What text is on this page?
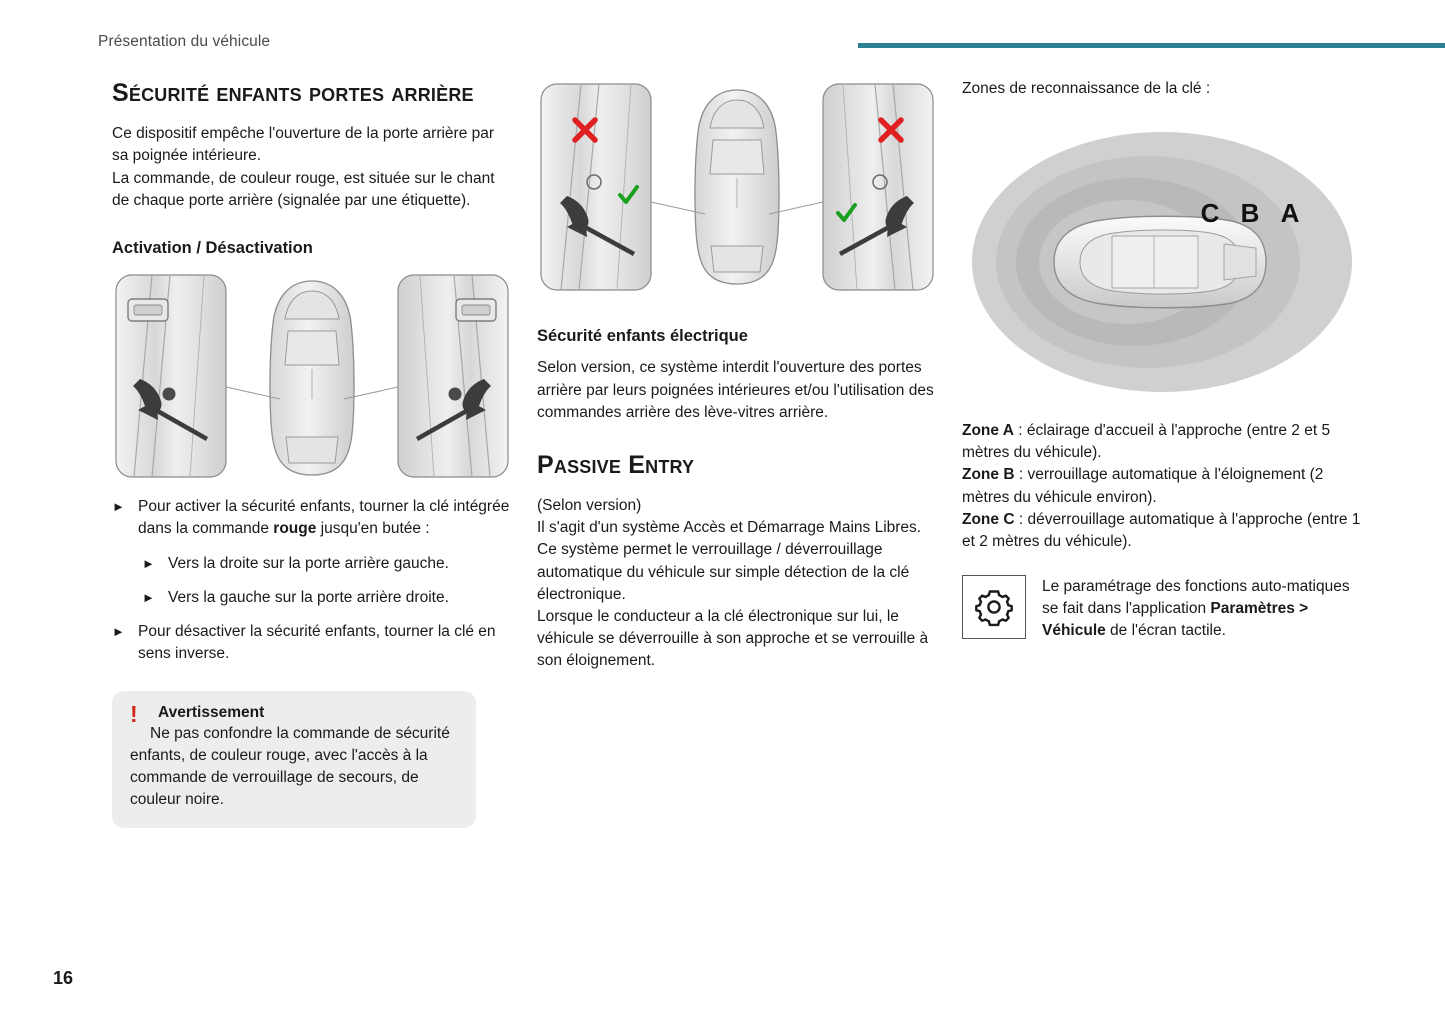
Présentation du véhicule
Sécurité enfants portes arrière

Ce dispositif empêche l'ouverture de la porte arrière par sa poignée intérieure.

La commande, de couleur rouge, est située sur le chant de chaque porte arrière (signalée par une étiquette).

Activation / Désactivation
► Pour activer la sécurité enfants, tourner la clé intégrée dans la commande rouge jusqu'en butée :
► Vers la droite sur la porte arrière gauche.
► Vers la gauche sur la porte arrière droite.
► Pour désactiver la sécurité enfants, tourner la clé en sens inverse.
! Avertissement

Ne pas confondre la commande de sécurité enfants, de couleur rouge, avec l'accès à la commande de verrouillage de secours, de couleur noire.

Sécurité enfants électrique

Selon version, ce système interdit l'ouverture des portes arrière par leurs poignées intérieures et/ou l'utilisation des commandes arrière des lève-vitres arrière.

Passive Entry

(Selon version)

Il s'agit d'un système Accès et Démarrage Mains Libres.

Ce système permet le verrouillage / déverrouillage automatique du véhicule sur simple détection de la clé électronique.

Lorsque le conducteur a la clé électronique sur lui, le véhicule se déverrouille à son approche et se verrouille à son éloignement.

Zones de reconnaissance de la clé :

C B A

Zone A : éclairage d'accueil à l'approche (entre 2 et 5 mètres du véhicule).

Zone B : verrouillage automatique à l'éloignement (2 mètres du véhicule environ).

Zone C : déverrouillage automatique à l'approche (entre 1 et 2 mètres du véhicule).

Le paramétrage des fonctions auto-matiques se fait dans l'application Paramètres > Véhicule de l'écran tactile.
16
